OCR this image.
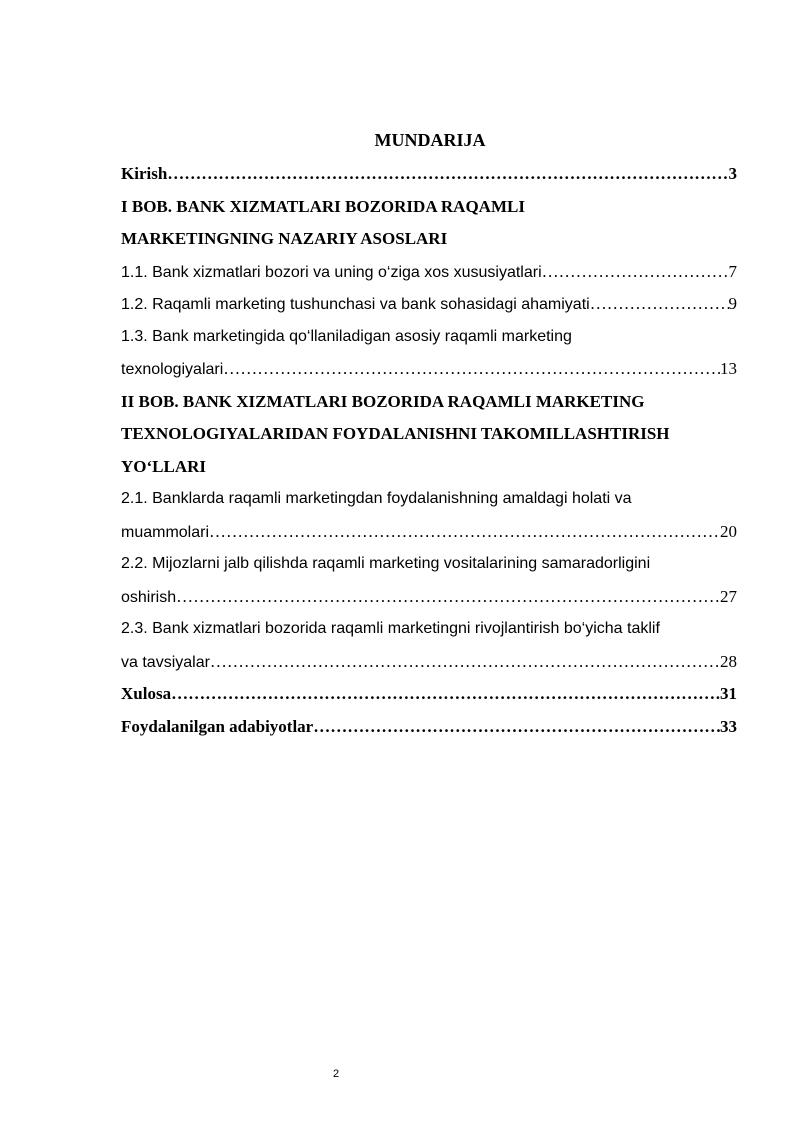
MUNDARIJA
Kirish …………………………………………………………………………………………………………………………………………………………………	3
I BOB. BANK XIZMATLARI BOZORIDA RAQAMLI
MARKETINGNING NAZARIY ASOSLARI
1.1. Bank xizmatlari bozori va uning o‘ziga xos xususiyatlari …………………………………………………………………………………………………………………………………………………………………	7
1.2. Raqamli marketing tushunchasi va bank sohasidagi ahamiyati …………………………………………………………………………………………………………………………………………………………………	9
1.3. Bank marketingida qo‘llaniladigan asosiy raqamli marketing
texnologiyalari …………………………………………………………………………………………………………………………………………………………………	13
II BOB. BANK XIZMATLARI BOZORIDA RAQAMLI MARKETING
TEXNOLOGIYALARIDAN FOYDALANISHNI TAKOMILLASHTIRISH
YO‘LLARI
2.1. Banklarda raqamli marketingdan foydalanishning amaldagi holati va
muammolari …………………………………………………………………………………………………………………………………………………………………	20
2.2. Mijozlarni jalb qilishda raqamli marketing vositalarining samaradorligini
oshirish …………………………………………………………………………………………………………………………………………………………………	27
2.3. Bank xizmatlari bozorida raqamli marketingni rivojlantirish bo‘yicha taklif
va tavsiyalar …………………………………………………………………………………………………………………………………………………………………	28
Xulosa …………………………………………………………………………………………………………………………………………………………………	31
Foydalanilgan adabiyotlar …………………………………………………………………………………………………………………………………………………………………	33
2
